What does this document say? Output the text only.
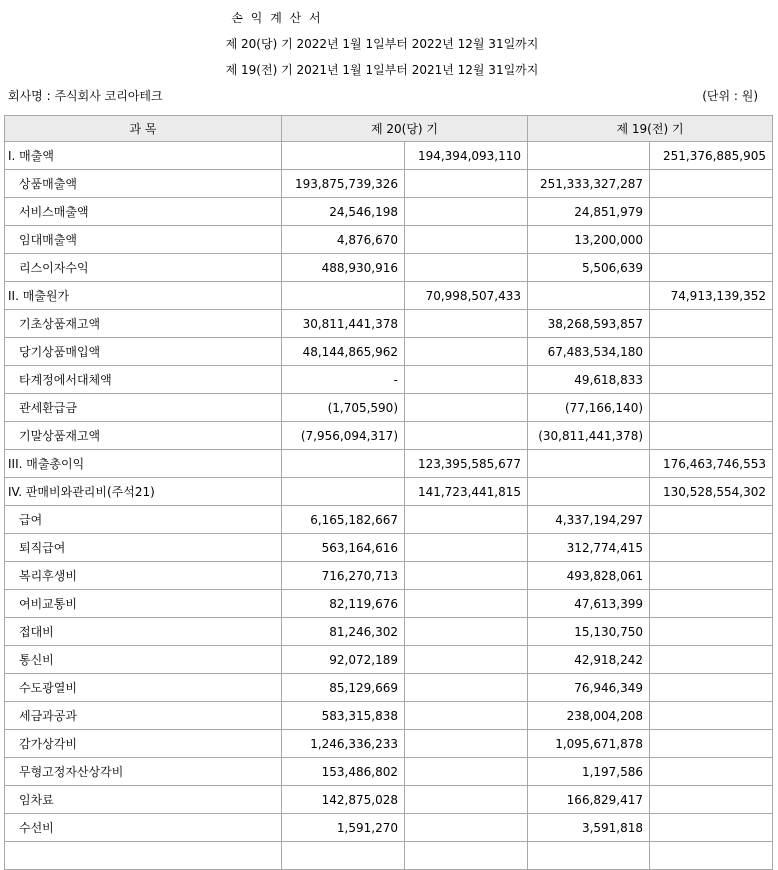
손 익 계 산 서
제 20(당) 기 2022년 1월 1일부터 2022년 12월 31일까지
제 19(전) 기 2021년 1월 1일부터 2021년 12월 31일까지
회사명 : 주식회사 코리아테크	(단위 : 원)
과 목	제 20(당) 기		제 19(전) 기	
I. 매출액		194,394,093,110		251,376,885,905
상품매출액	193,875,739,326		251,333,327,287	
서비스매출액	24,546,198		24,851,979	
임대매출액	4,876,670		13,200,000	
리스이자수익	488,930,916		5,506,639	
II. 매출원가		70,998,507,433		74,913,139,352
기초상품재고액	30,811,441,378		38,268,593,857	
당기상품매입액	48,144,865,962		67,483,534,180	
타계정에서대체액	-		49,618,833	
관세환급금	(1,705,590)		(77,166,140)	
기말상품재고액	(7,956,094,317)		(30,811,441,378)	
III. 매출총이익		123,395,585,677		176,463,746,553
IV. 판매비와관리비(주석21)		141,723,441,815		130,528,554,302
급여	6,165,182,667		4,337,194,297	
퇴직급여	563,164,616		312,774,415	
복리후생비	716,270,713		493,828,061	
여비교통비	82,119,676		47,613,399	
접대비	81,246,302		15,130,750	
통신비	92,072,189		42,918,242	
수도광열비	85,129,669		76,946,349	
세금과공과	583,315,838		238,004,208	
감가상각비	1,246,336,233		1,095,671,878	
무형고정자산상각비	153,486,802		1,197,586	
임차료	142,875,028		166,829,417	
수선비	1,591,270		3,591,818	
